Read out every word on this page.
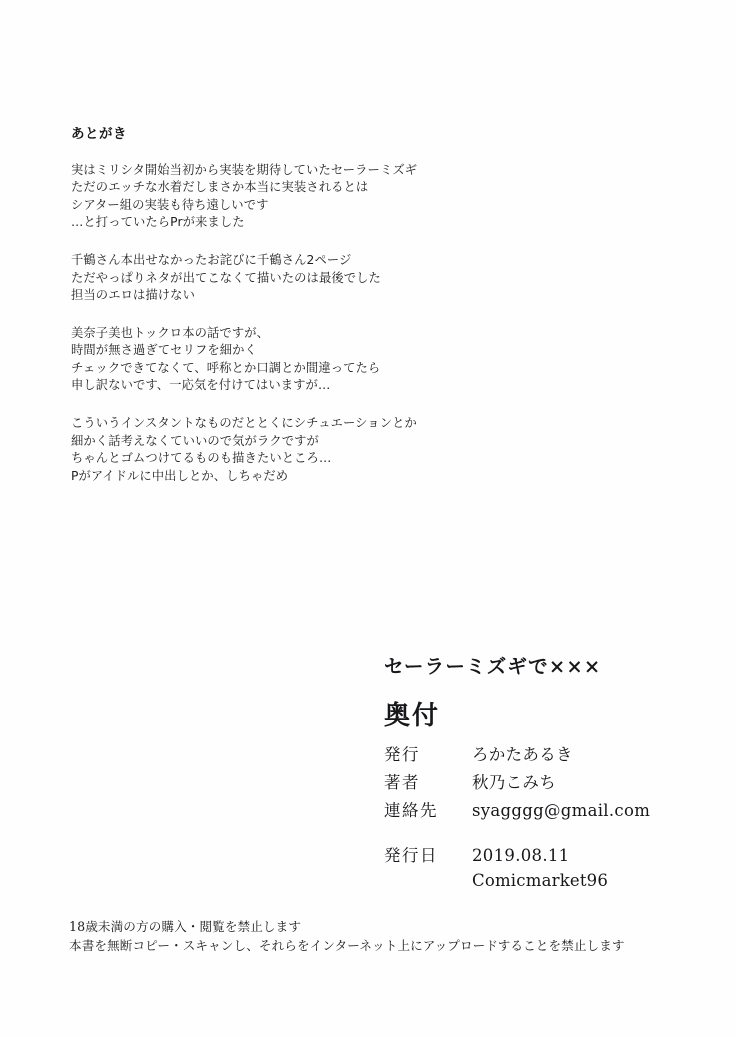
あとがき
実はミリシタ開始当初から実装を期待していたセーラーミズギ
ただのエッチな水着だしまさか本当に実装されるとは
シアター組の実装も待ち遠しいです
…と打っていたらPrが来ました
千鶴さん本出せなかったお詫びに千鶴さん2ページ
ただやっぱりネタが出てこなくて描いたのは最後でした
担当のエロは描けない
美奈子美也トックロ本の話ですが、
時間が無さ過ぎてセリフを細かく
チェックできてなくて、呼称とか口調とか間違ってたら
申し訳ないです、一応気を付けてはいますが…
こういうインスタントなものだととくにシチュエーションとか
細かく話考えなくていいので気がラクですが
ちゃんとゴムつけてるものも描きたいところ…
Pがアイドルに中出しとか、しちゃだめ
セーラーミズギで×××
奥付
発行	ろかたあるき
著者	秋乃こみち
連絡先	syagggg@gmail.com
発行日 2019.08.11
Comicmarket96
18歳未満の方の購入・閲覧を禁止します
本書を無断コピー・スキャンし、それらをインターネット上にアップロードすることを禁止します
